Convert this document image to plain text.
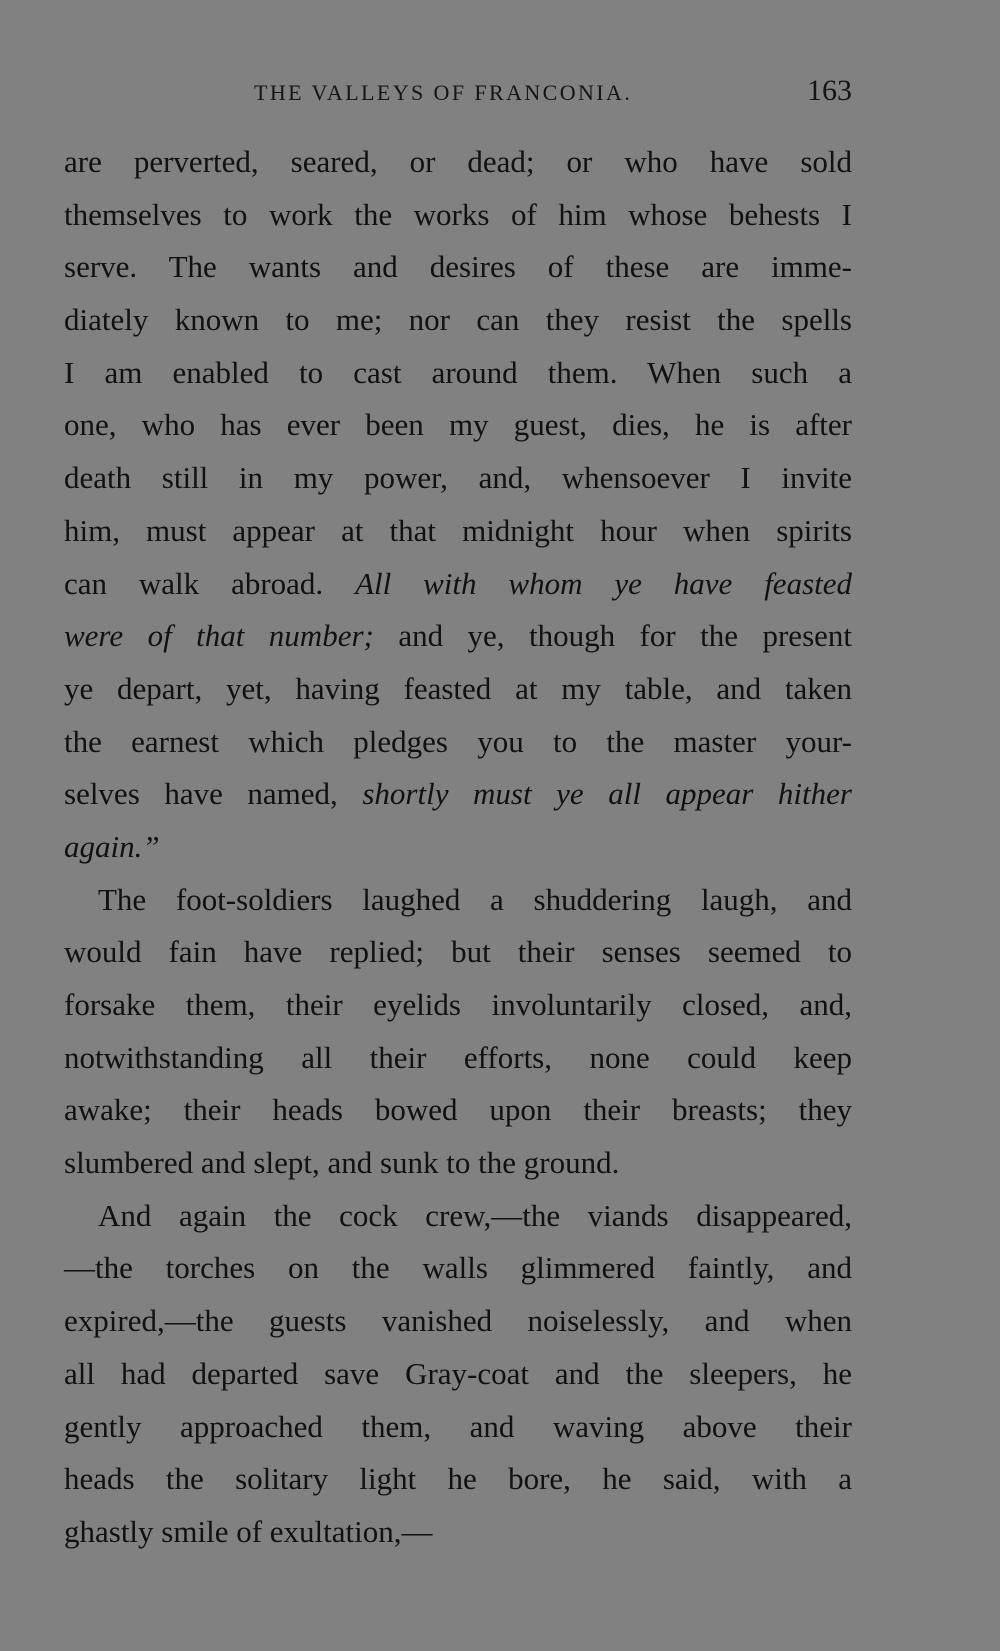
THE VALLEYS OF FRANCONIA.	163
are perverted, seared, or dead; or who have sold
themselves to work the works of him whose behests I
serve. The wants and desires of these are imme-
diately known to me; nor can they resist the spells
I am enabled to cast around them. When such a
one, who has ever been my guest, dies, he is after
death still in my power, and, whensoever I invite
him, must appear at that midnight hour when spirits
can walk abroad. All with whom ye have feasted
were of that number; and ye, though for the present
ye depart, yet, having feasted at my table, and taken
the earnest which pledges you to the master your-
selves have named, shortly must ye all appear hither
again.”
The foot-soldiers laughed a shuddering laugh, and
would fain have replied; but their senses seemed to
forsake them, their eyelids involuntarily closed, and,
notwithstanding all their efforts, none could keep
awake; their heads bowed upon their breasts; they
slumbered and slept, and sunk to the ground.
And again the cock crew,—the viands disappeared,
—the torches on the walls glimmered faintly, and
expired,—the guests vanished noiselessly, and when
all had departed save Gray-coat and the sleepers, he
gently approached them, and waving above their
heads the solitary light he bore, he said, with a
ghastly smile of exultation,—
